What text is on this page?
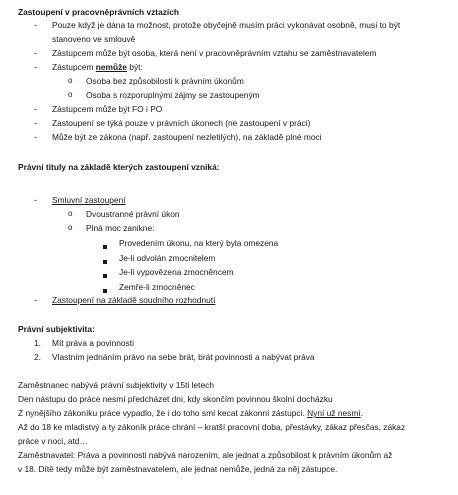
Zastoupení v pracovněprávních vztazích
- Pouze když je dána ta možnost, protože obyčejně musím práci vykonávat osobně, musí to být
stanoveno ve smlouvě
- Zástupcem může být osoba, která není v pracovněprávním vztahu se zaměstnavatelem
- Zástupcem nemůže být:
o Osoba bez způsobilosti k právním úkonům
o Osoba s rozporuplnými zájmy se zastoupeným
- Zástupcem může být FO i PO
- Zastoupení se týká pouze v právních úkonech (ne zastoupení v práci)
- Může být ze zákona (např. zastoupení nezletilých), na základě plné moci
Právní tituly na základě kterých zastoupení vzniká:
- Smluvní zastoupení
o Dvoustranné právní úkon
o Plná moc zanikne:
Provedením úkonu, na který byla omezena
Je-li odvolán zmocnitelem
Je-li vypovězena zmocněncem
Zemře-li zmocněnec
- Zastoupení na základě soudního rozhodnutí
Právní subjektivita:
1. Mít práva a povinnosti
2. Vlastním jednáním právo na sebe brát, brát povinnosti a nabývat práva
Zaměstnanec nabývá právní subjektivity v 15ti letech
Den nástupu do práce nesmí předcházet dni, kdy skončím povinnou školní docházku
Z nynějšího zákoníku práce vypadlo, že i do toho smí kecat zákonní zástupci. Nyní už nesmí.
Až do 18 ke mladistvý a ty zákoník práce chrání – kratší pracovní doba, přestávky, zákaz přesčas, zákaz
práce v noci, atd…
Zaměstnavatel: Práva a povinnosti nabývá narozením, ale jednat a způsobilost k právním úkonům až
v 18. Dítě tedy může být zaměstnavatelem, ale jednat nemůže, jedná za něj zástupce.
